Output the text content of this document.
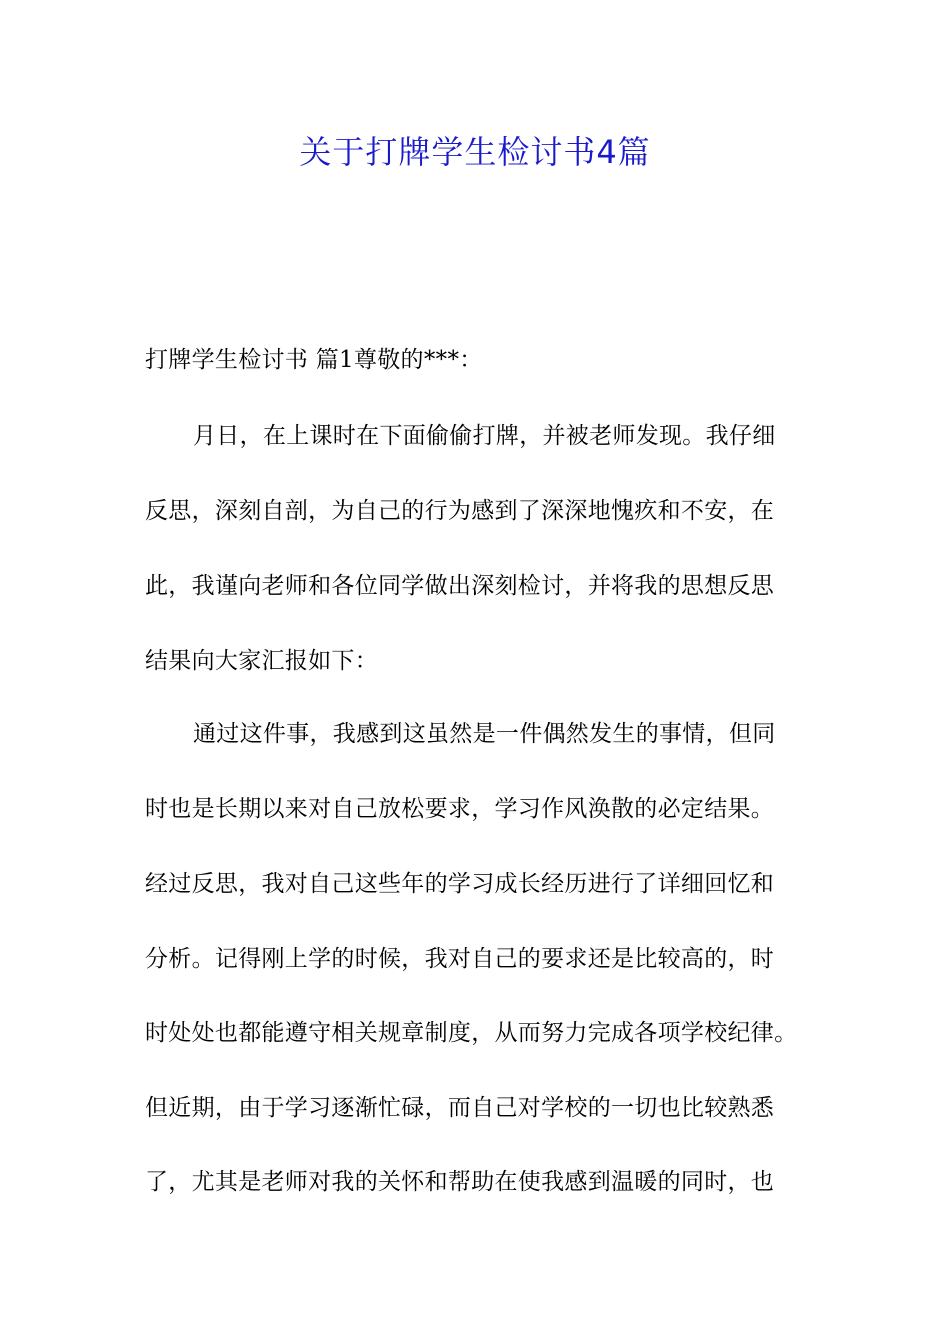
关于打牌学生检讨书4篇
打牌学生检讨书 篇1尊敬的***：
月日，在上课时在下面偷偷打牌，并被老师发现。我仔细
反思，深刻自剖，为自己的行为感到了深深地愧疚和不安，在
此，我谨向老师和各位同学做出深刻检讨，并将我的思想反思
结果向大家汇报如下：
通过这件事，我感到这虽然是一件偶然发生的事情，但同
时也是长期以来对自己放松要求，学习作风涣散的必定结果。
经过反思，我对自己这些年的学习成长经历进行了详细回忆和
分析。记得刚上学的时候，我对自己的要求还是比较高的，时
时处处也都能遵守相关规章制度，从而努力完成各项学校纪律。
但近期，由于学习逐渐忙碌，而自己对学校的一切也比较熟悉
了，尤其是老师对我的关怀和帮助在使我感到温暖的同时，也
